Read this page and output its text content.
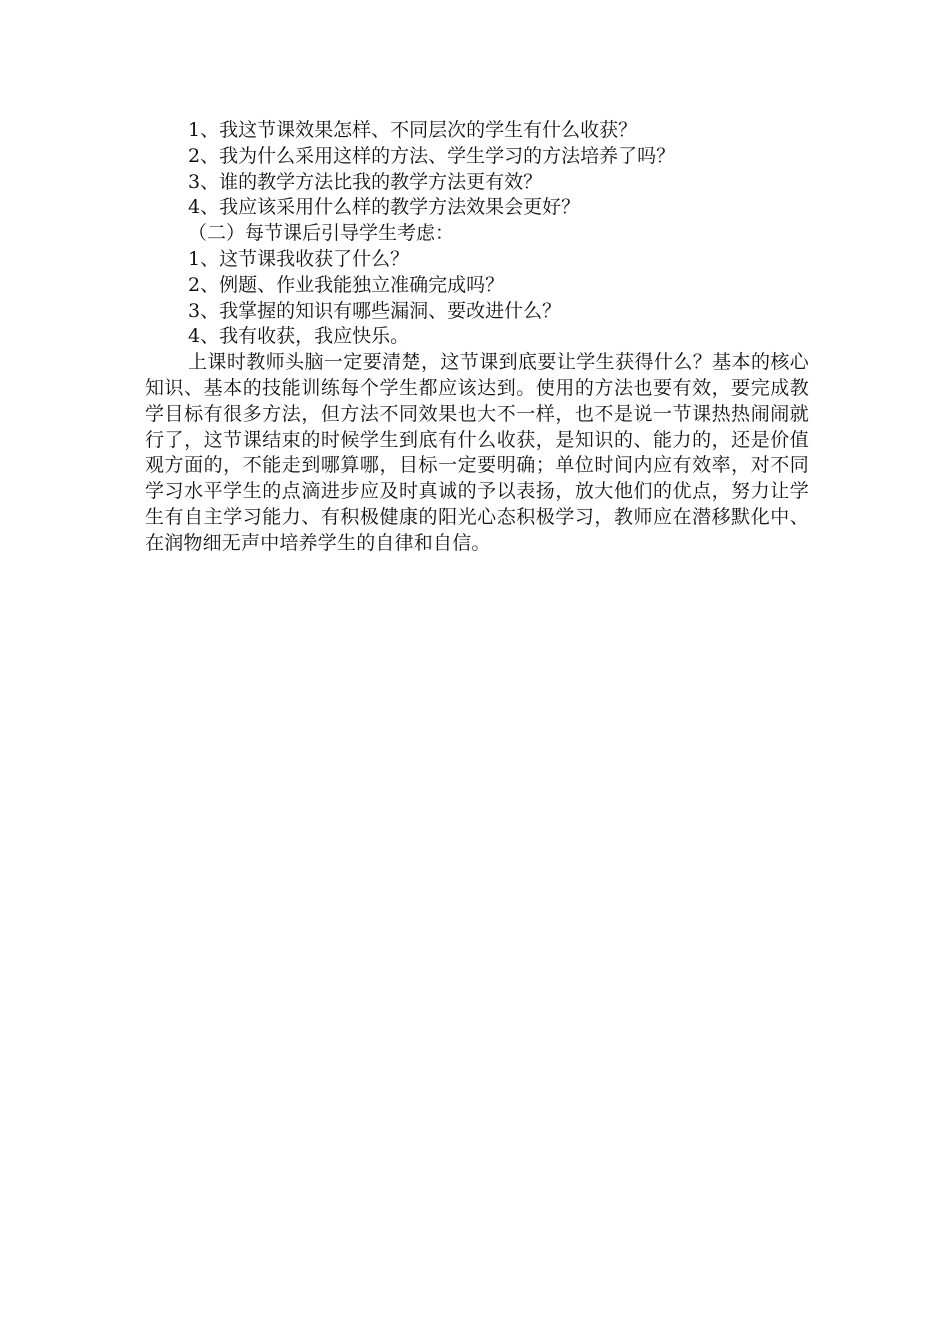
1、我这节课效果怎样、不同层次的学生有什么收获？

2、我为什么采用这样的方法、学生学习的方法培养了吗？

3、谁的教学方法比我的教学方法更有效？

4、我应该采用什么样的教学方法效果会更好？

（二）每节课后引导学生考虑：

1、这节课我收获了什么？

2、例题、作业我能独立准确完成吗？

3、我掌握的知识有哪些漏洞、要改进什么？

4、我有收获，我应快乐。

上课时教师头脑一定要清楚，这节课到底要让学生获得什么？基本的核心知识、基本的技能训练每个学生都应该达到。使用的方法也要有效，要完成教学目标有很多方法，但方法不同效果也大不一样，也不是说一节课热热闹闹就行了，这节课结束的时候学生到底有什么收获，是知识的、能力的，还是价值观方面的，不能走到哪算哪，目标一定要明确；单位时间内应有效率，对不同学习水平学生的点滴进步应及时真诚的予以表扬，放大他们的优点，努力让学生有自主学习能力、有积极健康的阳光心态积极学习，教师应在潜移默化中、在润物细无声中培养学生的自律和自信。
